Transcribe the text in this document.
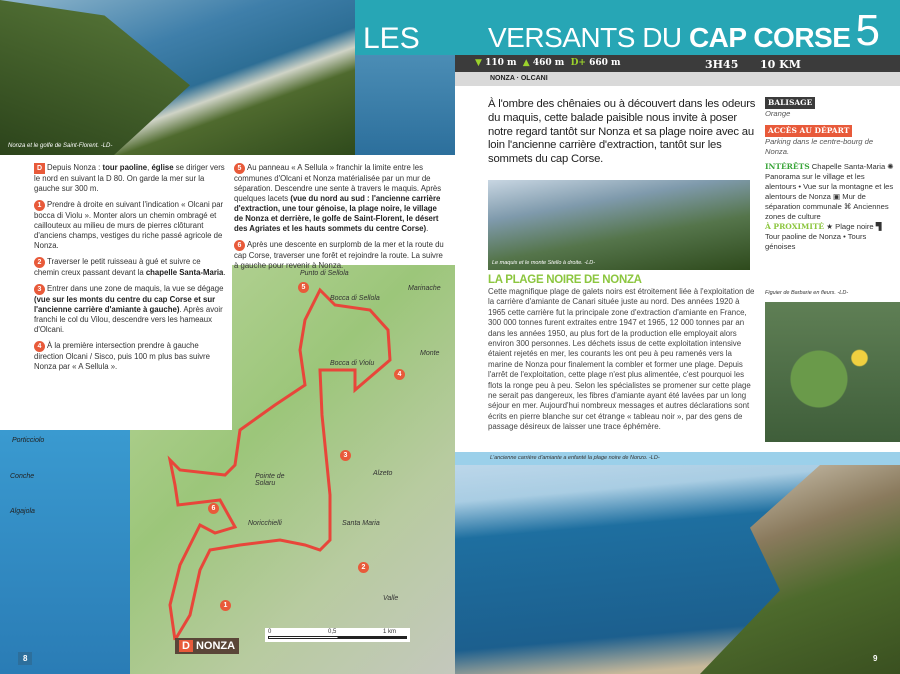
Nonza et le golfe de Saint-Florent. -LD-
LES
Punto di Sellola
Bocca di Sellola
Bocca di Violu
Monte
Alzeto
Pointe de Solaru
Noricchielli	Santa Maria
Valle
Conche
Algajola
Porticciolo
Marinache
5
4
3
6
2
1
D NONZA
0	0,5	1 km
D Depuis Nonza : tour paoline, église se diriger vers le nord en suivant la D 80. On garde la mer sur la gauche sur 300 m.
1 Prendre à droite en suivant l'indication « Olcani par bocca di Violu ». Monter alors un chemin ombragé et caillouteux au milieu de murs de pierres clôturant d'anciens champs, vestiges du riche passé agricole de Nonza.
2 Traverser le petit ruisseau à gué et suivre ce chemin creux passant devant la chapelle Santa-Maria.
3 Entrer dans une zone de maquis, la vue se dégage (vue sur les monts du centre du cap Corse et sur l'ancienne carrière d'amiante à gauche). Après avoir franchi le col du Vilou, descendre vers les hameaux d'Olcani.
4 À la première intersection prendre à gauche direction Olcani / Sisco, puis 100 m plus bas suivre Nonza par « A Sellula ».
5 Au panneau « A Sellula » franchir la limite entre les communes d'Olcani et Nonza matérialisée par un mur de séparation. Descendre une sente à travers le maquis. Après quelques lacets (vue du nord au sud : l'ancienne carrière d'extraction, une tour génoise, la plage noire, le village de Nonza et derrière, le golfe de Saint-Florent, le désert des Agriates et les hauts sommets du centre Corse).
6 Après une descente en surplomb de la mer et la route du cap Corse, traverser une forêt et rejoindre la route. La suivre à gauche pour revenir à Nonza.
8
VERSANTS DU CAP CORSE 5
▼ 110 m ▲ 460 m D+ 660 m	3H45 10 KM
NONZA · OLCANI
À l'ombre des chênaies ou à découvert dans les odeurs du maquis, cette balade paisible nous invite à poser notre regard tantôt sur Nonza et sa plage noire avec au loin l'ancienne carrière d'extraction, tantôt sur les sommets du cap Corse.
Le maquis et le monte Stello à droite. -LD-
LA PLAGE NOIRE DE NONZA
Cette magnifique plage de galets noirs est étroitement liée à l'exploitation de la carrière d'amiante de Canari située juste au nord. Des années 1920 à 1965 cette carrière fut la principale zone d'extraction d'amiante en France, 300 000 tonnes furent extraites entre 1947 et 1965, 12 000 tonnes par an dans les années 1950, au plus fort de la production elle employait alors environ 300 personnes. Les déchets issus de cette exploitation intensive étaient rejetés en mer, les courants les ont peu à peu ramenés vers la marine de Nonza pour finalement la combler et former une plage. Depuis l'arrêt de l'exploitation, cette plage n'est plus alimentée, c'est pourquoi les flots la ronge peu à peu. Selon les spécialistes se promener sur cette plage ne serait pas dangereux, les fibres d'amiante ayant été lavées par un long séjour en mer. Aujourd'hui nombreux messages et autres déclarations sont écrits en pierre blanche sur cet étrange « tableau noir », par des gens de passage désireux de laisser une trace éphémère.
BALISAGE
Orange
ACCÈS AU DÉPART
Parking dans le centre-bourg de Nonza.
INTÉRÊTS Chapelle Santa-Maria ✺ Panorama sur le village et les alentours • Vue sur la montagne et les alentours de Nonza ▣ Mur de séparation communale ⌘ Anciennes zones de culture
À PROXIMITÉ ★ Plage noire ▜ Tour paoline de Nonza • Tours génoises
Figuier de Barbarie en fleurs. -LD-
L'ancienne carrière d'amiante a enfanté la plage noire de Nonzo. -LD-
9
